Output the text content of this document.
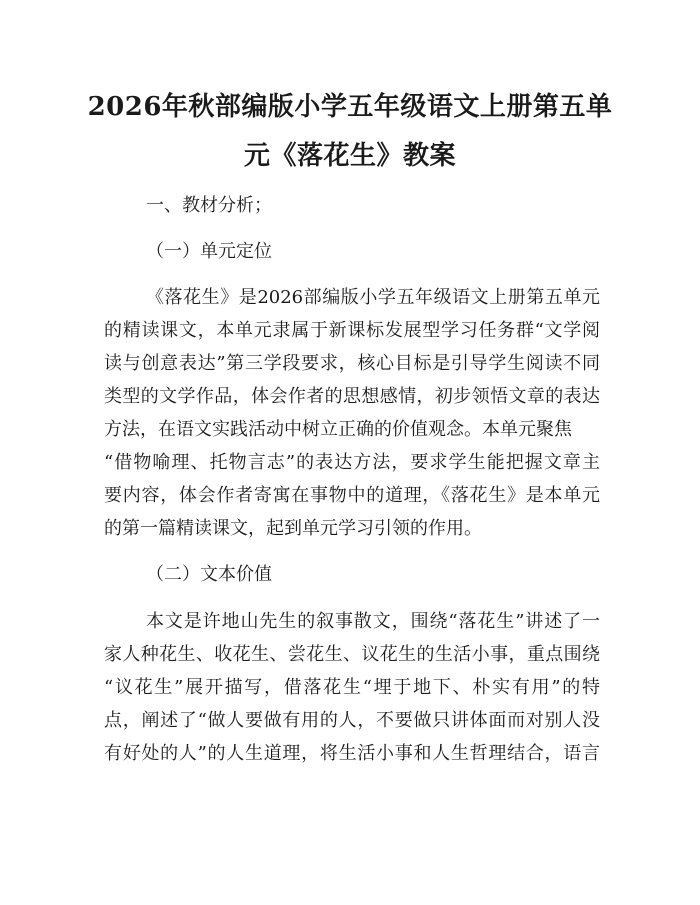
2026年秋部编版小学五年级语文上册第五单
元《落花生》教案
一、教材分析；
（一）单元定位
《落花生》是2026部编版小学五年级语文上册第五单元
的精读课文，本单元隶属于新课标发展型学习任务群“文学阅
读与创意表达”第三学段要求，核心目标是引导学生阅读不同
类型的文学作品，体会作者的思想感情，初步领悟文章的表达
方法，在语文实践活动中树立正确的价值观念。本单元聚焦
“借物喻理、托物言志”的表达方法，要求学生能把握文章主
要内容，体会作者寄寓在事物中的道理，《落花生》是本单元
的第一篇精读课文，起到单元学习引领的作用。
（二）文本价值
本文是许地山先生的叙事散文，围绕“落花生”讲述了一
家人种花生、收花生、尝花生、议花生的生活小事，重点围绕
“议花生”展开描写，借落花生“埋于地下、朴实有用”的特
点，阐述了“做人要做有用的人，不要做只讲体面而对别人没
有好处的人”的人生道理，将生活小事和人生哲理结合，语言
